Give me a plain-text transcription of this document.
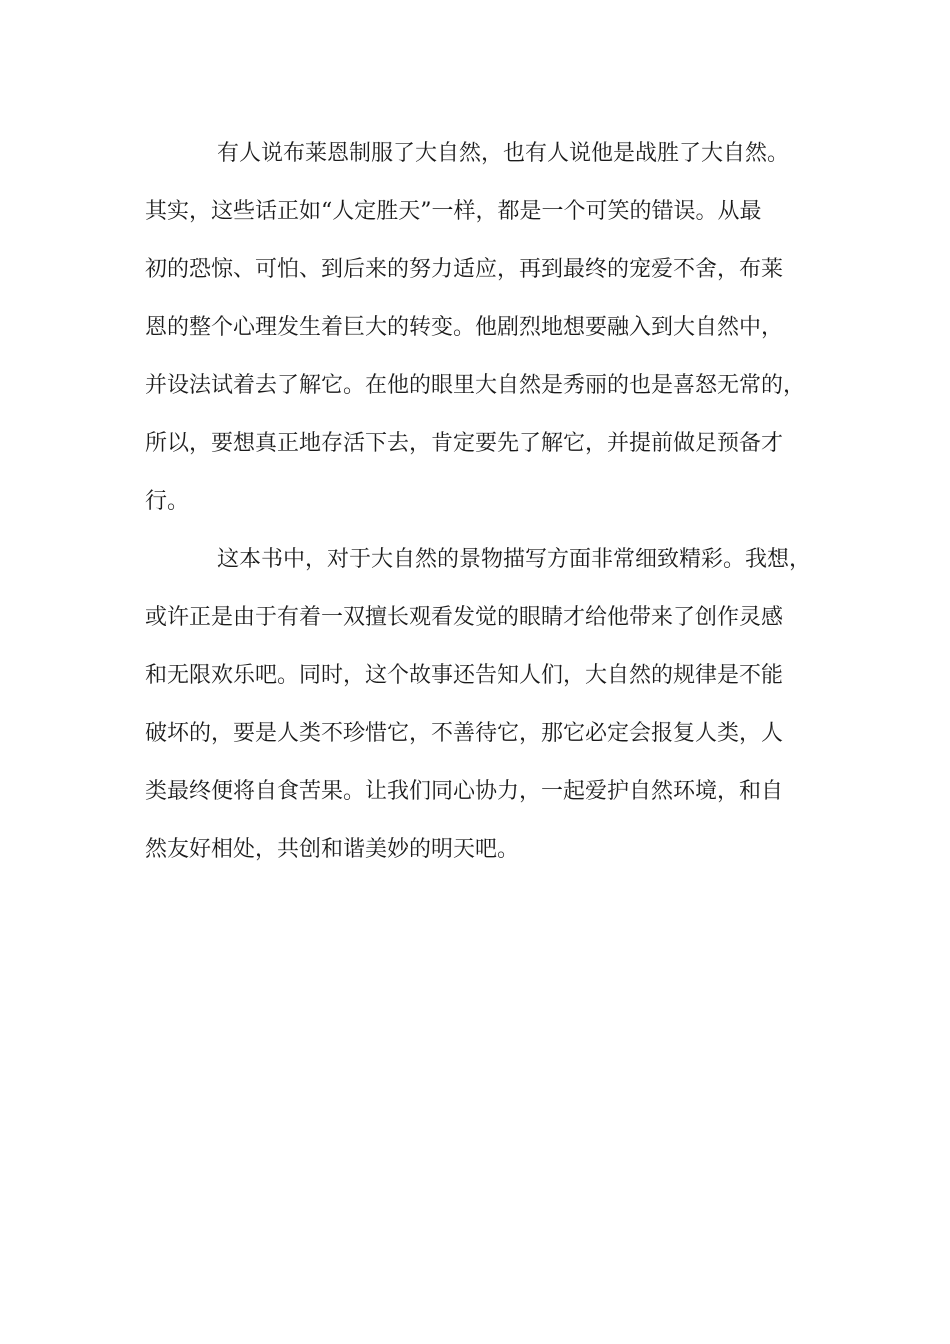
有人说布莱恩制服了大自然，也有人说他是战胜了大自然。
其实，这些话正如“人定胜天”一样，都是一个可笑的错误。从最
初的恐惊、可怕、到后来的努力适应，再到最终的宠爱不舍，布莱
恩的整个心理发生着巨大的转变。他剧烈地想要融入到大自然中，
并设法试着去了解它。在他的眼里大自然是秀丽的也是喜怒无常的，
所以，要想真正地存活下去，肯定要先了解它，并提前做足预备才
行。
这本书中，对于大自然的景物描写方面非常细致精彩。我想，
或许正是由于有着一双擅长观看发觉的眼睛才给他带来了创作灵感
和无限欢乐吧。同时，这个故事还告知人们，大自然的规律是不能
破坏的，要是人类不珍惜它，不善待它，那它必定会报复人类，人
类最终便将自食苦果。让我们同心协力，一起爱护自然环境，和自
然友好相处，共创和谐美妙的明天吧。
